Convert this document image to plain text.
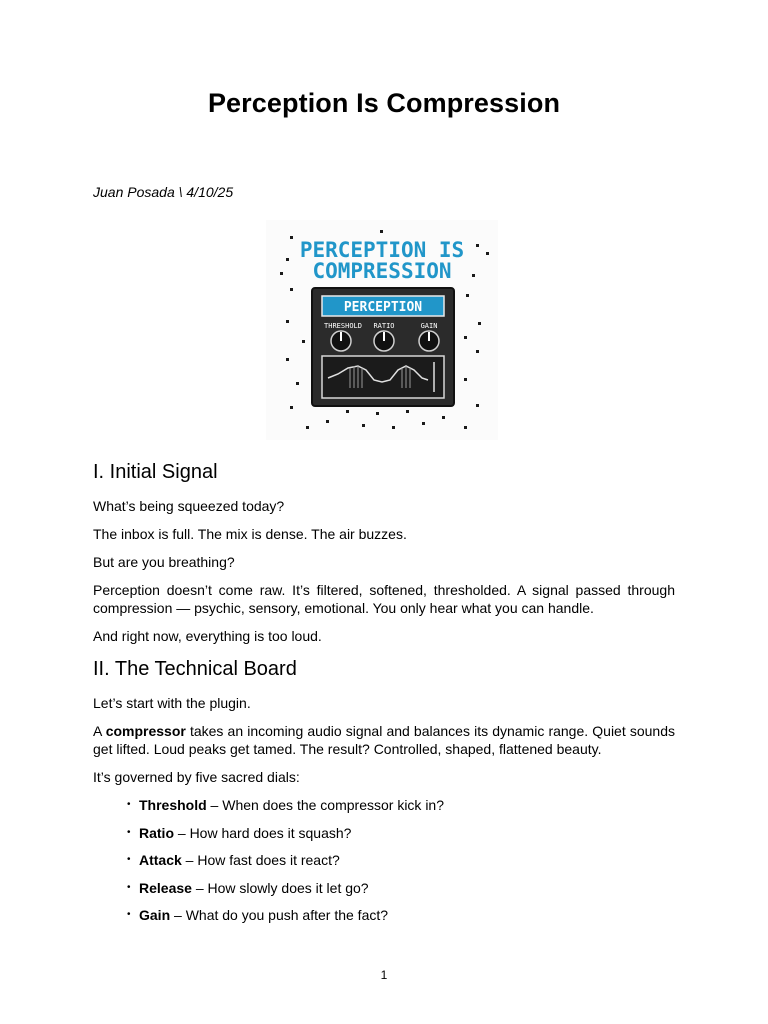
Perception Is Compression
Juan Posada \ 4/10/25
PERCEPTION IS
COMPRESSION
PERCEPTION
THRESHOLD RATIO	GAIN
I. Initial Signal

What’s being squeezed today?

The inbox is full. The mix is dense. The air buzzes.

But are you breathing?

Perception doesn’t come raw. It’s filtered, softened, thresholded. A signal passed through compression — psychic, sensory, emotional. You only hear what you can handle.

And right now, everything is too loud.

II. The Technical Board

Let’s start with the plugin.

A compressor takes an incoming audio signal and balances its dynamic range. Quiet sounds get lifted. Loud peaks get tamed. The result? Controlled, shaped, flattened beauty.

It’s governed by five sacred dials:

• Threshold – When does the compressor kick in?
• Ratio – How hard does it squash?
• Attack – How fast does it react?
• Release – How slowly does it let go?
• Gain – What do you push after the fact?
1
